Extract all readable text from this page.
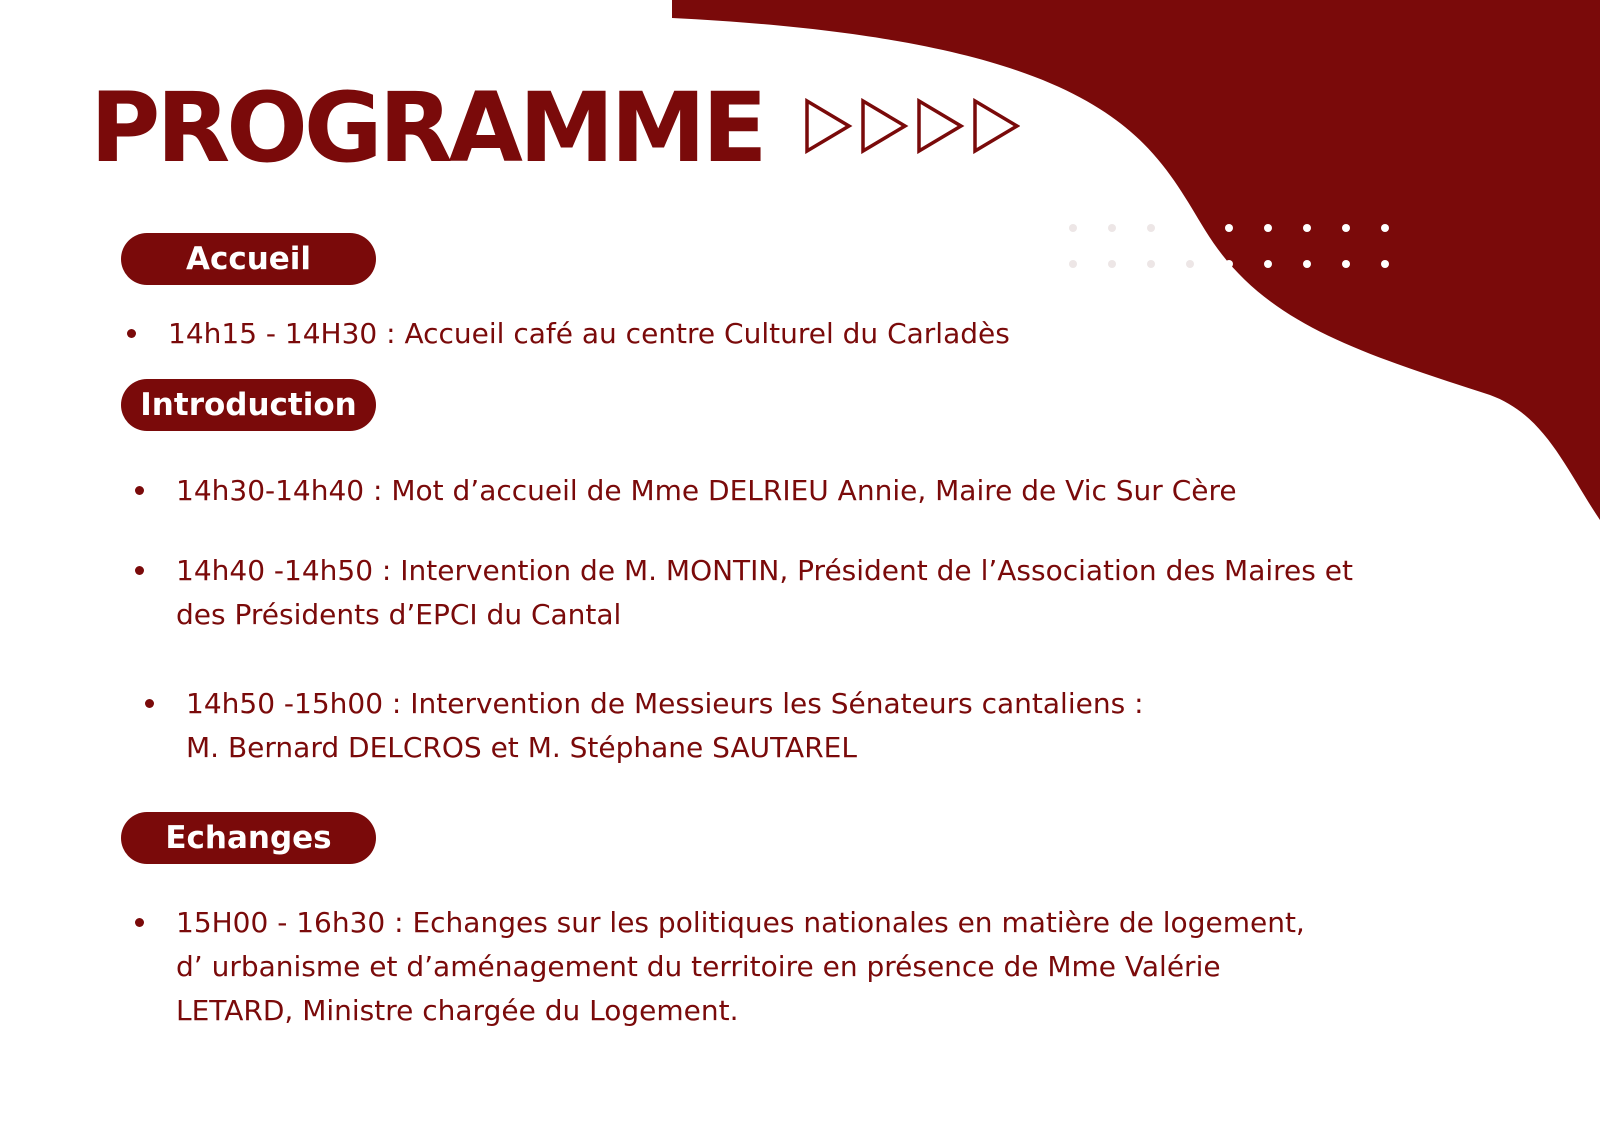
PROGRAMME
Accueil

14h15 - 14H30 : Accueil café au centre Culturel du Carladès

Introduction

14h30-14h40 : Mot d’accueil de Mme DELRIEU Annie, Maire de Vic Sur Cère

14h40 -14h50 : Intervention de M. MONTIN, Président de l’Association des Maires et
des Présidents d’EPCI du Cantal

14h50 -15h00 : Intervention de Messieurs les Sénateurs cantaliens :
M. Bernard DELCROS et M. Stéphane SAUTAREL

Echanges

15H00 - 16h30 : Echanges sur les politiques nationales en matière de logement,
d’ urbanisme et d’aménagement du territoire en présence de Mme Valérie
LETARD, Ministre chargée du Logement.
